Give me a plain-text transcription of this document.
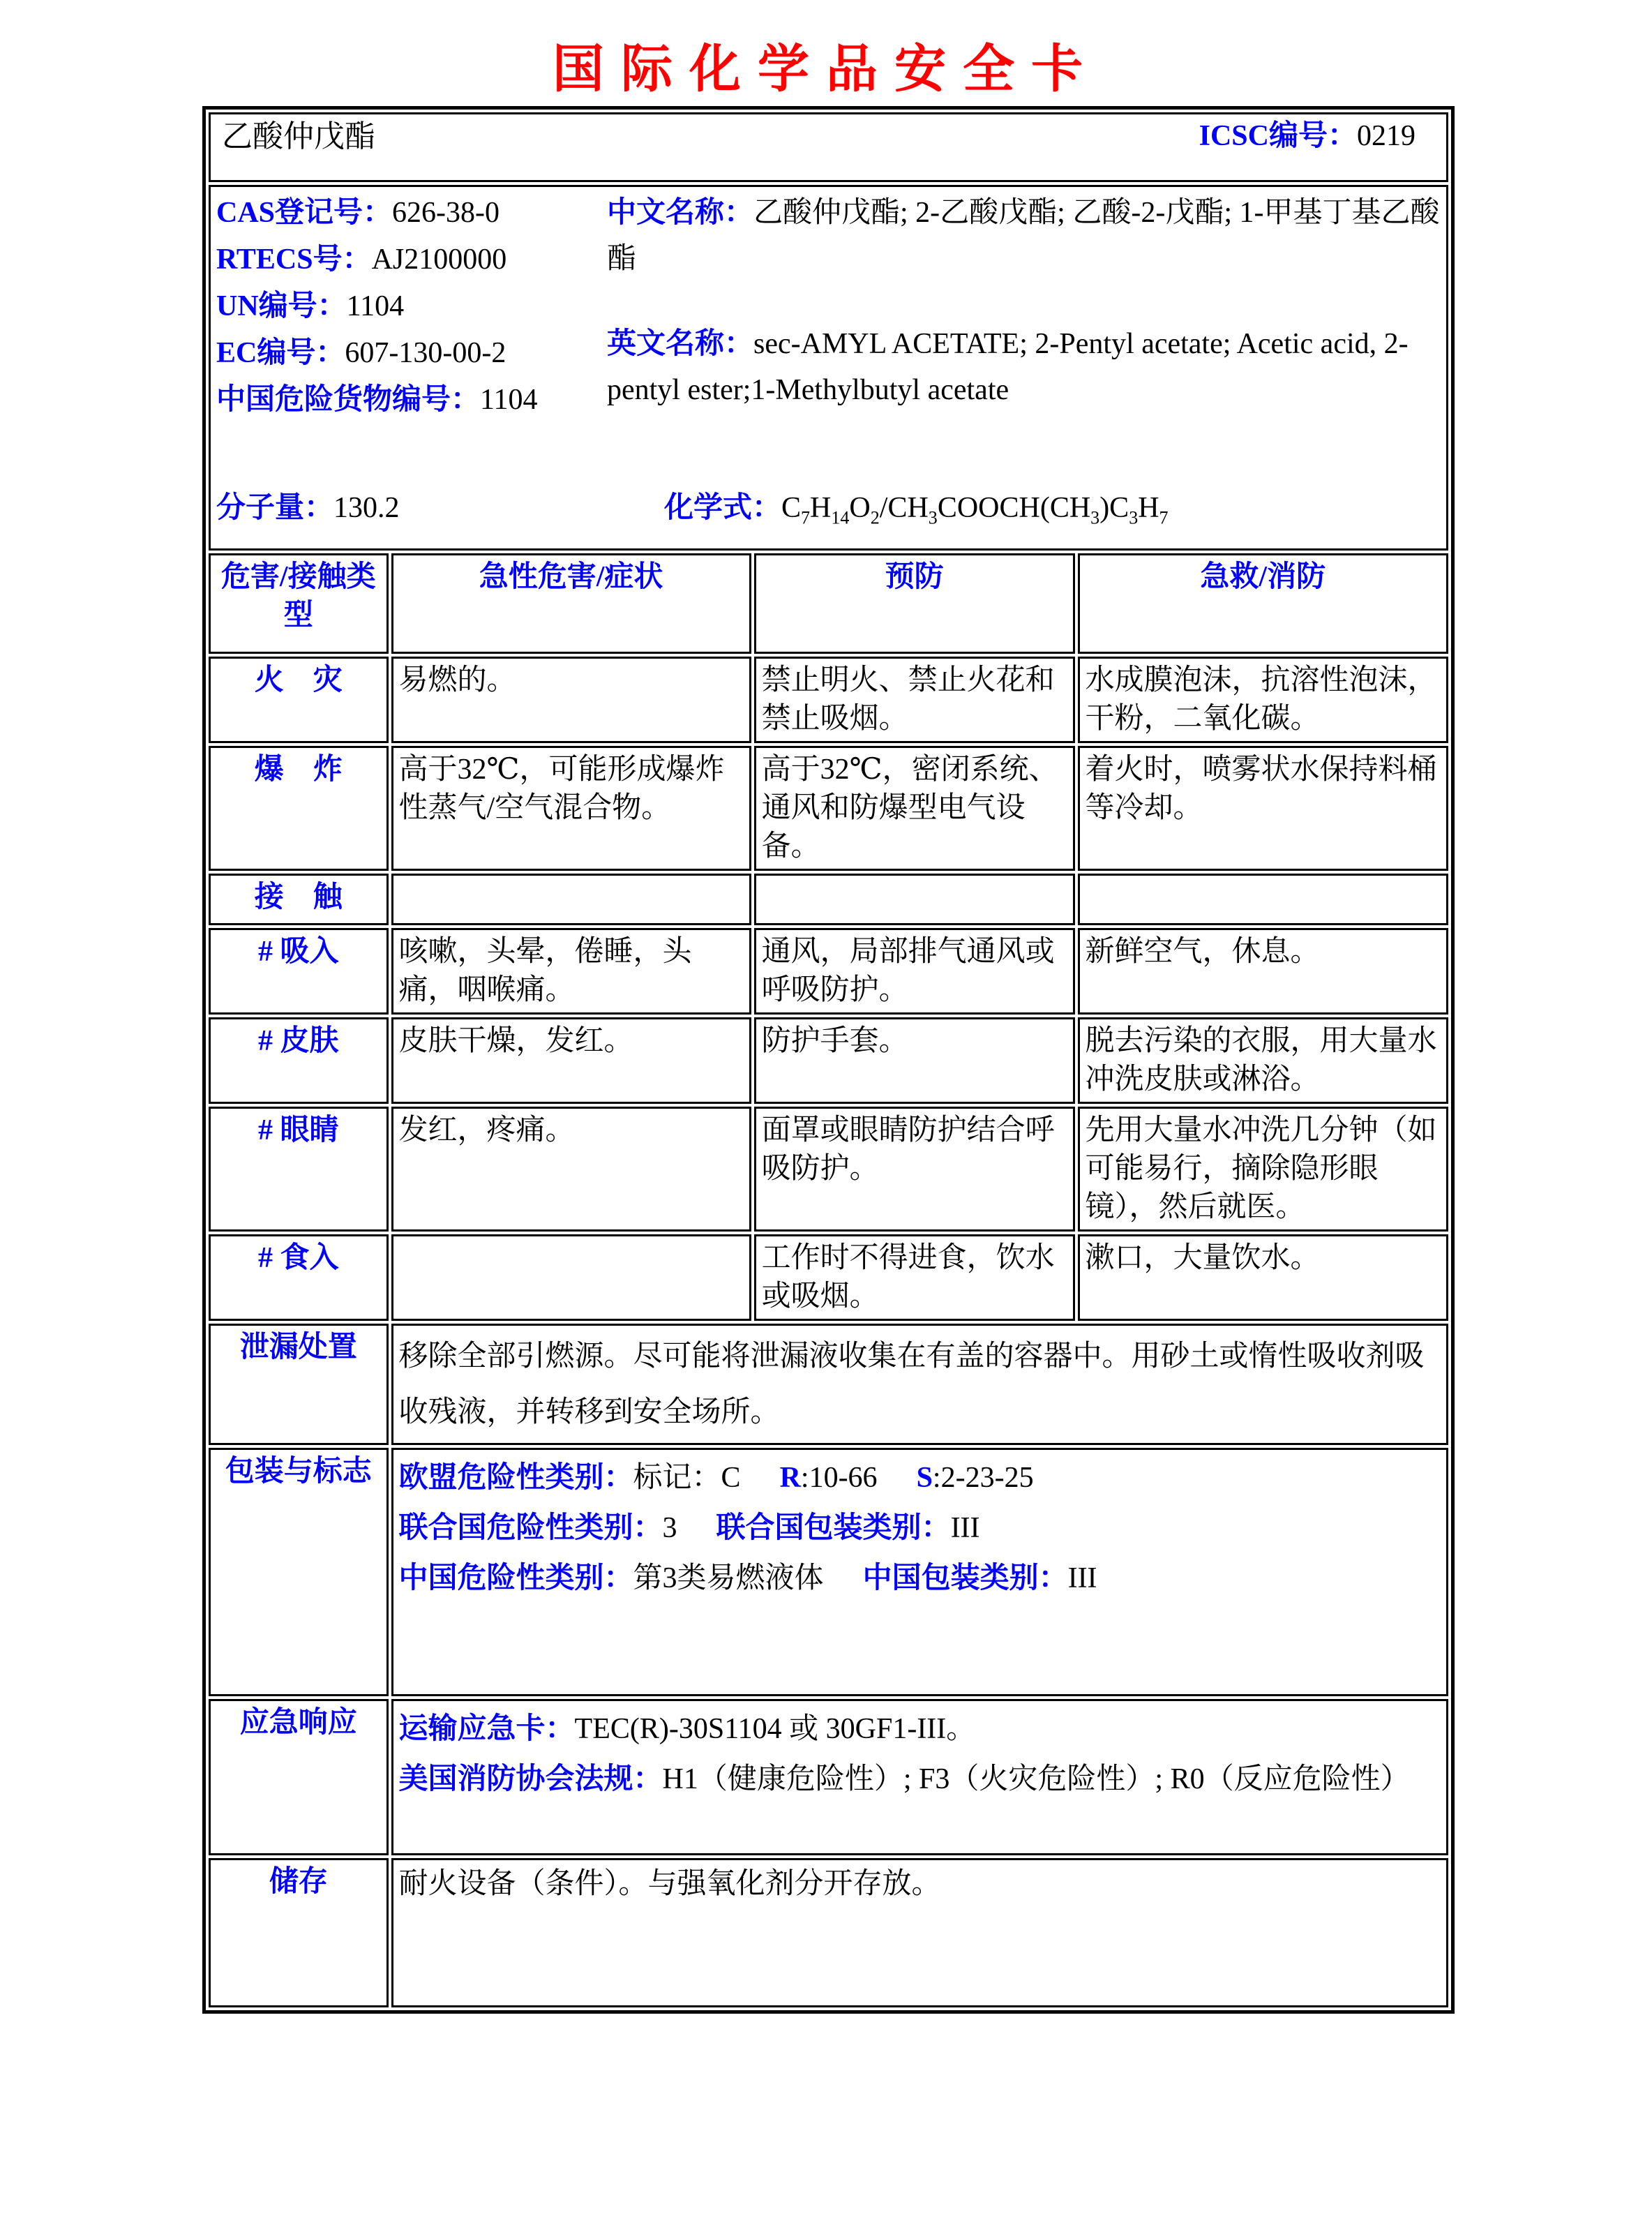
国际化学品安全卡
乙酸仲戊酯 ICSC编号：0219			

CAS登记号：626-38-0
RTECS号：AJ2100000
UN编号：1104
EC编号：607-130-00-2
中国危险货物编号：1104

中文名称：乙酸仲戊酯; 2-乙酸戊酯; 乙酸-2-戊酯; 1-甲基丁基乙酸酯

英文名称：sec-AMYL ACETATE; 2-Pentyl acetate; Acetic acid, 2-pentyl ester;1-Methylbutyl acetate

分子量：130.2	化学式：$C_7H_{14}O_2/CH_3COOCH(CH_3)C_3H_7$

危害/接触类型	急性危害/症状	预防	急救/消防
火　灾	易燃的。	禁止明火、禁止火花和禁止吸烟。	水成膜泡沫，抗溶性泡沫，干粉，二氧化碳。
爆　炸	高于32℃，可能形成爆炸性蒸气/空气混合物。	高于32℃，密闭系统、通风和防爆型电气设备。	着火时，喷雾状水保持料桶等冷却。
接　触			
# 吸入	咳嗽，头晕，倦睡，头痛，咽喉痛。	通风，局部排气通风或呼吸防护。	新鲜空气，休息。
# 皮肤	皮肤干燥，发红。	防护手套。	脱去污染的衣服，用大量水冲洗皮肤或淋浴。
# 眼睛	发红，疼痛。	面罩或眼睛防护结合呼吸防护。	先用大量水冲洗几分钟（如可能易行，摘除隐形眼镜），然后就医。
# 食入		工作时不得进食，饮水或吸烟。	漱口，大量饮水。
泄漏处置	移除全部引燃源。尽可能将泄漏液收集在有盖的容器中。用砂土或惰性吸收剂吸收残液，并转移到安全场所。		

包装与标志	欧盟危险性类别：标记：C R:10-66 S:2-23-25
联合国危险性类别：3 联合国包装类别：III
中国危险性类别：第3类易燃液体 中国包装类别：III		

应急响应	运输应急卡：TEC(R)-30S1104 或 30GF1-III。
美国消防协会法规：H1（健康危险性）; F3（火灾危险性）; R0（反应危险性）		

储存	耐火设备（条件）。与强氧化剂分开存放。		
